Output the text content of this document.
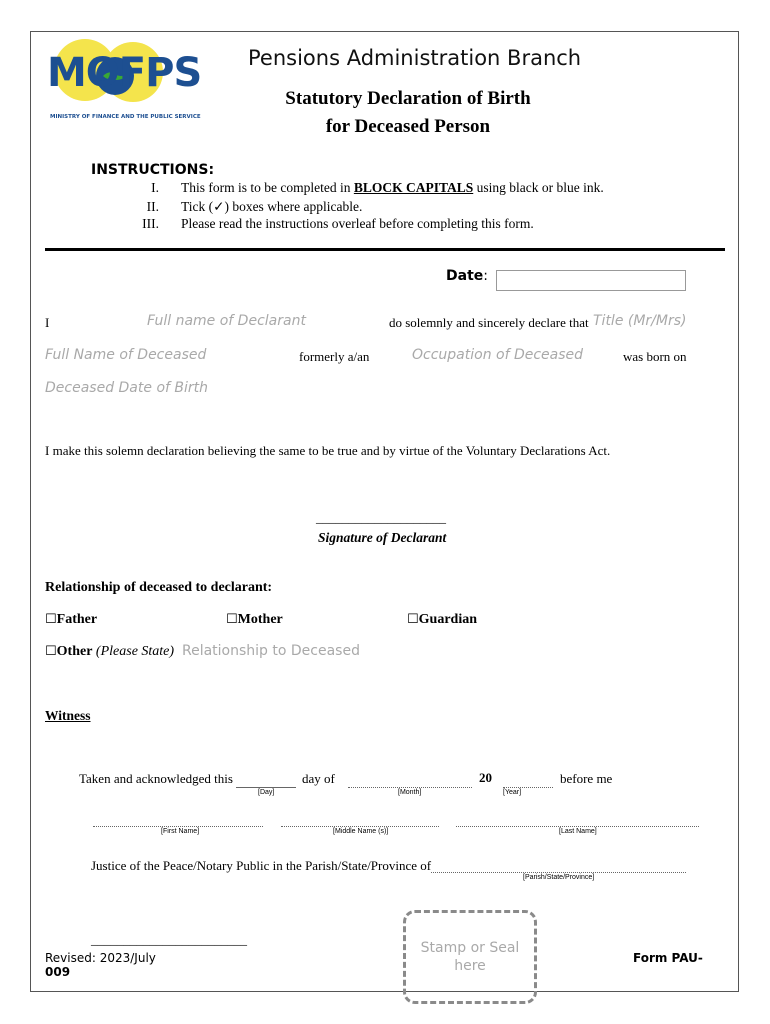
MOFPS
MINISTRY OF FINANCE AND THE PUBLIC SERVICE
Pensions Administration Branch
Statutory Declaration of Birth
for Deceased Person
INSTRUCTIONS:
I. This form is to be completed in BLOCK CAPITALS using black or blue ink.
II. Tick (✓) boxes where applicable.
III. Please read the instructions overleaf before completing this form.
Date:
I	Full name of Declarant	do solemnly and sincerely declare that Title (Mr/Mrs)
Full Name of Deceased	formerly a/an	Occupation of Deceased	was born on
Deceased Date of Birth
I make this solemn declaration believing the same to be true and by virtue of the Voluntary Declarations Act.
____________________
Signature of Declarant
Relationship of deceased to declarant:
☐Father	☐Mother	☐Guardian
☐Other (Please State) Relationship to Deceased
Witness
Taken and acknowledged this
[Day]
day of
[Month]
20
[Year]
before me
[First Name]	[Middle Name (s)]	[Last Name]
Justice of the Peace/Notary Public in the Parish/State/Province of
[Parish/State/Province]
________________________
Revised: 2023/July
009
Stamp or Seal here	Form PAU-
